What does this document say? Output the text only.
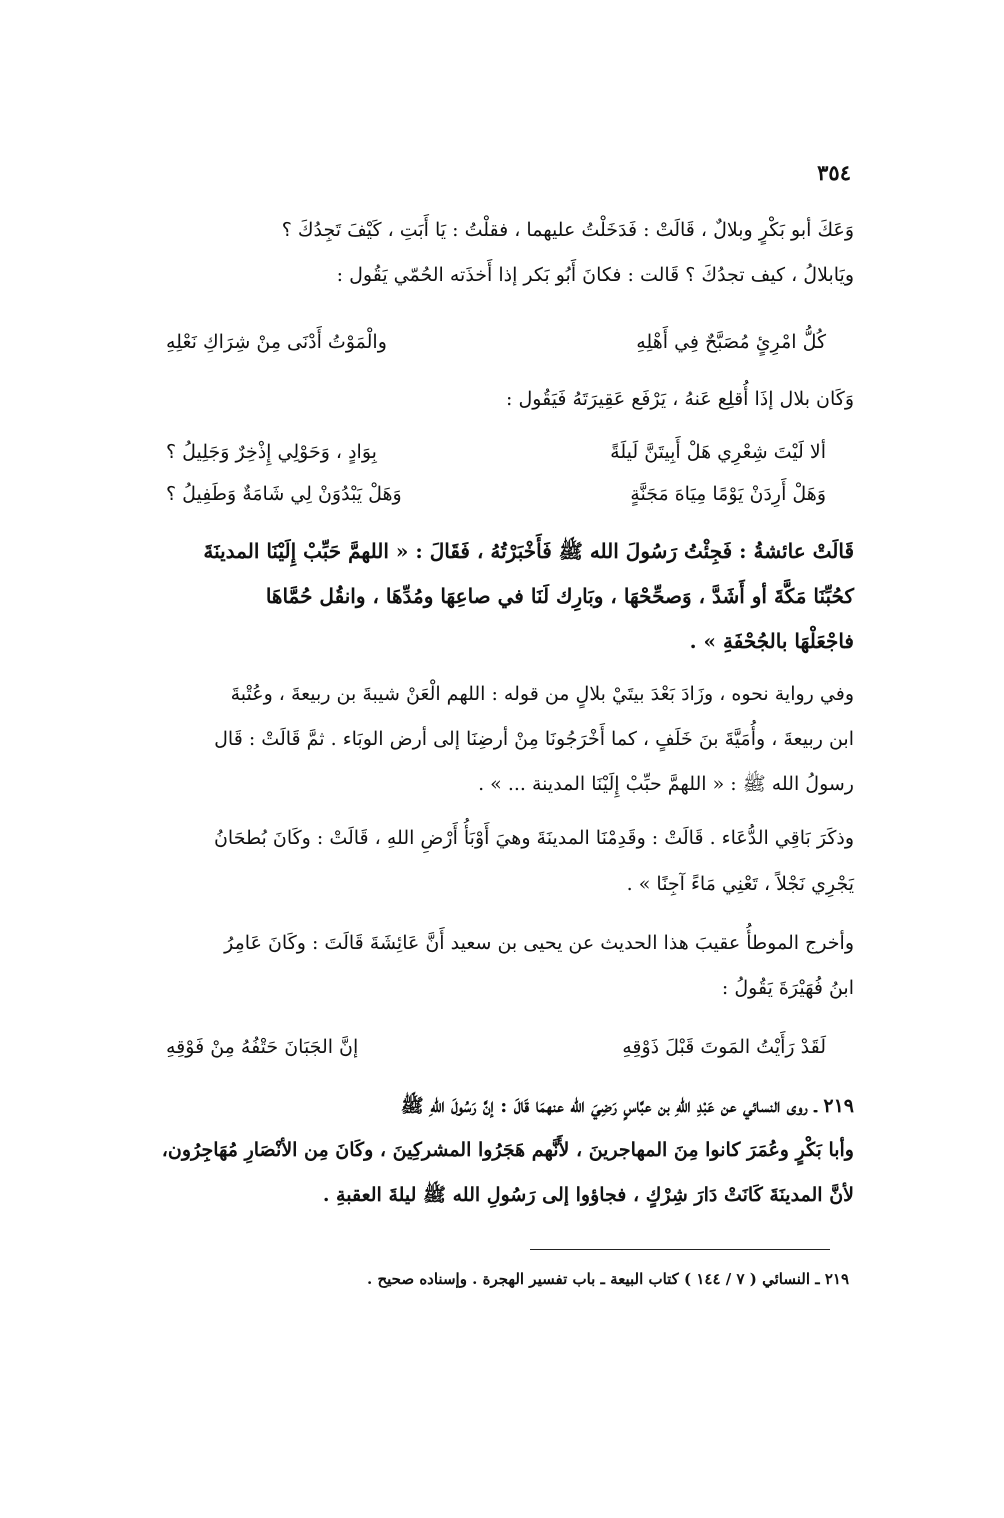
٣٥٤
وَعَكَ أبو بَكْرٍ وبلالٌ ، قَالَتْ : فَدَخَلْتُ عليهما ، فقلْتُ : يَا أَبَتِ ، كَيْفَ تَجِدُكَ ؟
ويَابلالُ ، كيف تجدُكَ ؟ قَالت : فكانَ أَبُو بَكر إذا أَخذَته الحُمّي يَقُول :
كُلُّ امْرِئٍ مُصَبَّحٌ فِي أَهْلِهِ
والْمَوْتُ أَدْنَى مِنْ شِرَاكِ نَعْلِهِ
وَكَان بلال إذَا أُقلِع عَنهُ ، يَرْفَع عَقِيرَتَهُ فَيَقُول :
ألا لَيْتَ شِعْرِي هَلْ أَبِيتَنَّ لَيلَةً
بِوَادٍ ، وَحَوْلِي إِذْخِرٌ وَجَلِيلُ ؟
وَهَلْ أَرِدَنْ يَوْمًا مِيَاهَ مَجَنَّةٍ
وَهَلْ يَبْدُوَنْ لِي شَامَةٌ وَطَفِيلُ ؟
قَالَتْ عائشةُ : فَجِئْتُ رَسُولَ الله ﷺ فَأَخْبَرْتُهُ ، فَقَالَ : « اللهمَّ حَبِّبْ إِلَيْنَا المدينَةَ
كحُبِّنَا مَكَّةَ أو أَشَدَّ ، وَصحِّحْهَا ، وبَارِك لَنَا في صاعِهَا ومُدِّهَا ، وانقُل حُمَّاهَا
فاجْعَلْهَا بالجُحْفَةِ » .
وفي رواية نحوه ، وزَادَ بَعْدَ بيتَيْ بلالٍ من قوله : اللهم الْعَنْ شيبةَ بن ربيعةَ ، وعُتْبةَ
ابن ربيعةَ ، وأُمَيَّةَ بنَ خَلَفٍ ، كما أَخْرَجُونَا مِنْ أرضِنَا إلى أرض الوبَاء . ثمَّ قَالَتْ : قَال
رسولُ الله ﷺ : « اللهمَّ حبِّبْ إِلَيْنَا المدينة ... » .
وذكَرَ بَاقِي الدُّعَاء . قَالَتْ : وقَدِمْنَا المدينَةَ وهيَ أَوْبَأُ أَرْضِ اللهِ ، قَالَتْ : وكَانَ بُطحَانُ
يَجْرِي نَجْلاً ، تَعْنِي مَاءً آجِنًا » .
وأخرج الموطأُ عقيبَ هذا الحديث عن يحيى بن سعيد أَنَّ عَائِشَةَ قَالَتَ : وكَانَ عَامِرُ
ابنُ فُهَيْرَةَ يَقُولُ :
لَقَدْ رَأَيْتُ المَوتَ قَبْلَ ذَوْقِهِ
إنَّ الجَبَانَ حَتْفُهُ مِنْ فَوْقِهِ
٢١٩ ـ روى النسائي عن عَبْدِ اللهِ بن عبَّاسٍ رَضِيَ الله عنهمَا قَالَ : إنَّ رَسُولَ اللهِ ﷺ
وأبا بَكْرٍ وعُمَرَ كانوا مِنَ المهاجرينَ ، لأَنَّهم هَجَرُوا المشركِينَ ، وكَانَ مِن الأنْصَارِ مُهَاجِرُون،
لأنَّ المدينَةَ كَانَتْ دَارَ شِرْكٍ ، فجاؤوا إلى رَسُولِ الله ﷺ ليلةَ العقبةِ .
٢١٩ ـ النسائي ( ٧ / ١٤٤ ) كتاب البيعة ـ باب تفسير الهجرة . وإسناده صحيح .
